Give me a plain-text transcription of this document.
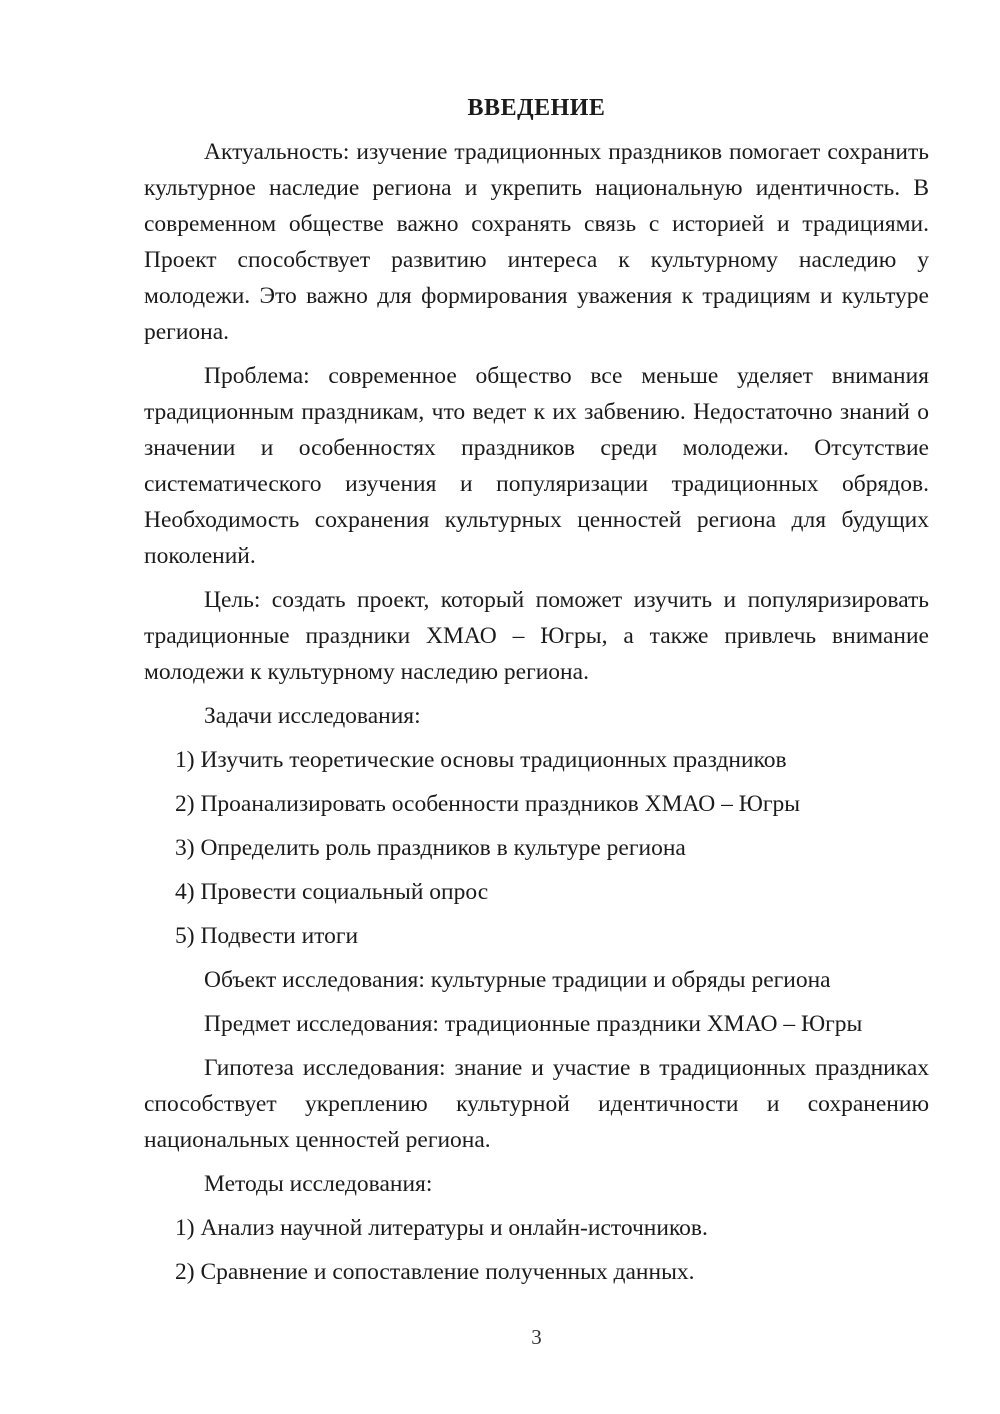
ВВЕДЕНИЕ

Актуальность: изучение традиционных праздников помогает сохранить культурное наследие региона и укрепить национальную идентичность. В современном обществе важно сохранять связь с историей и традициями. Проект способствует развитию интереса к культурному наследию у молодежи. Это важно для формирования уважения к традициям и культуре региона.

Проблема: современное общество все меньше уделяет внимания традиционным праздникам, что ведет к их забвению. Недостаточно знаний о значении и особенностях праздников среди молодежи. Отсутствие систематического изучения и популяризации традиционных обрядов. Необходимость сохранения культурных ценностей региона для будущих поколений.

Цель: создать проект, который поможет изучить и популяризировать традиционные праздники ХМАО – Югры, а также привлечь внимание молодежи к культурному наследию региона.

Задачи исследования:

1) Изучить теоретические основы традиционных праздников

2) Проанализировать особенности праздников ХМАО – Югры

3) Определить роль праздников в культуре региона

4) Провести социальный опрос

5) Подвести итоги

Объект исследования: культурные традиции и обряды региона

Предмет исследования: традиционные праздники ХМАО – Югры

Гипотеза исследования: знание и участие в традиционных праздниках способствует укреплению культурной идентичности и сохранению национальных ценностей региона.

Методы исследования:

1) Анализ научной литературы и онлайн-источников.

2) Сравнение и сопоставление полученных данных.

3
